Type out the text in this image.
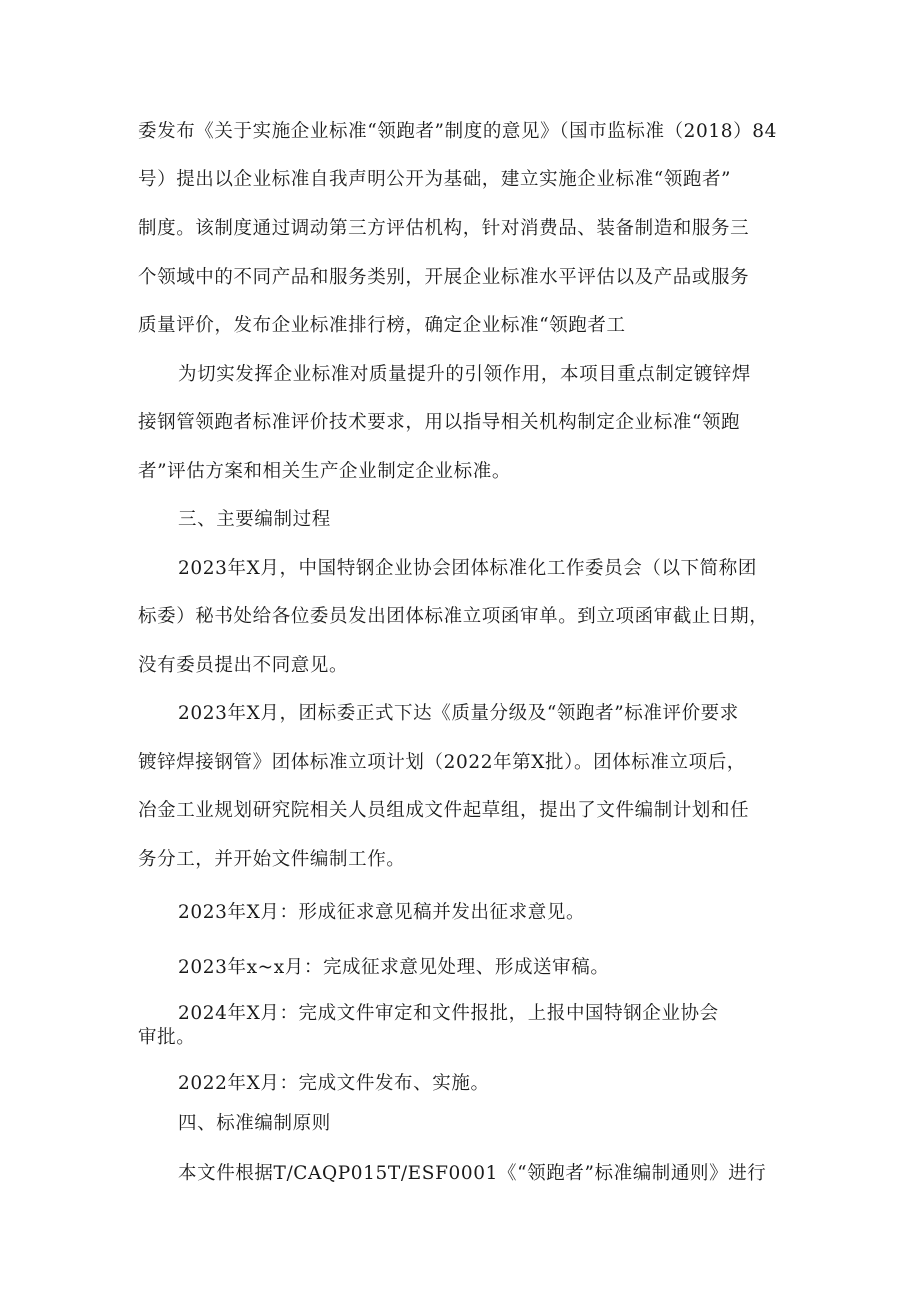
委发布《关于实施企业标准“领跑者”制度的意见》（国市监标准（2018）84
号）提出以企业标准自我声明公开为基础，建立实施企业标准“领跑者”
制度。该制度通过调动第三方评估机构，针对消费品、装备制造和服务三
个领域中的不同产品和服务类别，开展企业标准水平评估以及产品或服务
质量评价，发布企业标准排行榜，确定企业标准“领跑者工
为切实发挥企业标准对质量提升的引领作用，本项目重点制定镀锌焊
接钢管领跑者标准评价技术要求，用以指导相关机构制定企业标准“领跑
者”评估方案和相关生产企业制定企业标准。
三、主要编制过程
2023年X月，中国特钢企业协会团体标准化工作委员会（以下简称团
标委）秘书处给各位委员发出团体标准立项函审单。到立项函审截止日期，
没有委员提出不同意见。
2023年X月，团标委正式下达《质量分级及“领跑者”标准评价要求
镀锌焊接钢管》团体标准立项计划（2022年第X批）。团体标准立项后，
冶金工业规划研究院相关人员组成文件起草组，提出了文件编制计划和任
务分工，并开始文件编制工作。
2023年X月：形成征求意见稿并发出征求意见。
2023年x~x月：完成征求意见处理、形成送审稿。
2024年X月：完成文件审定和文件报批，上报中国特钢企业协会
审批。
2022年X月：完成文件发布、实施。
四、标准编制原则
本文件根据T/CAQP015T/ESF0001《“领跑者”标准编制通则》进行
